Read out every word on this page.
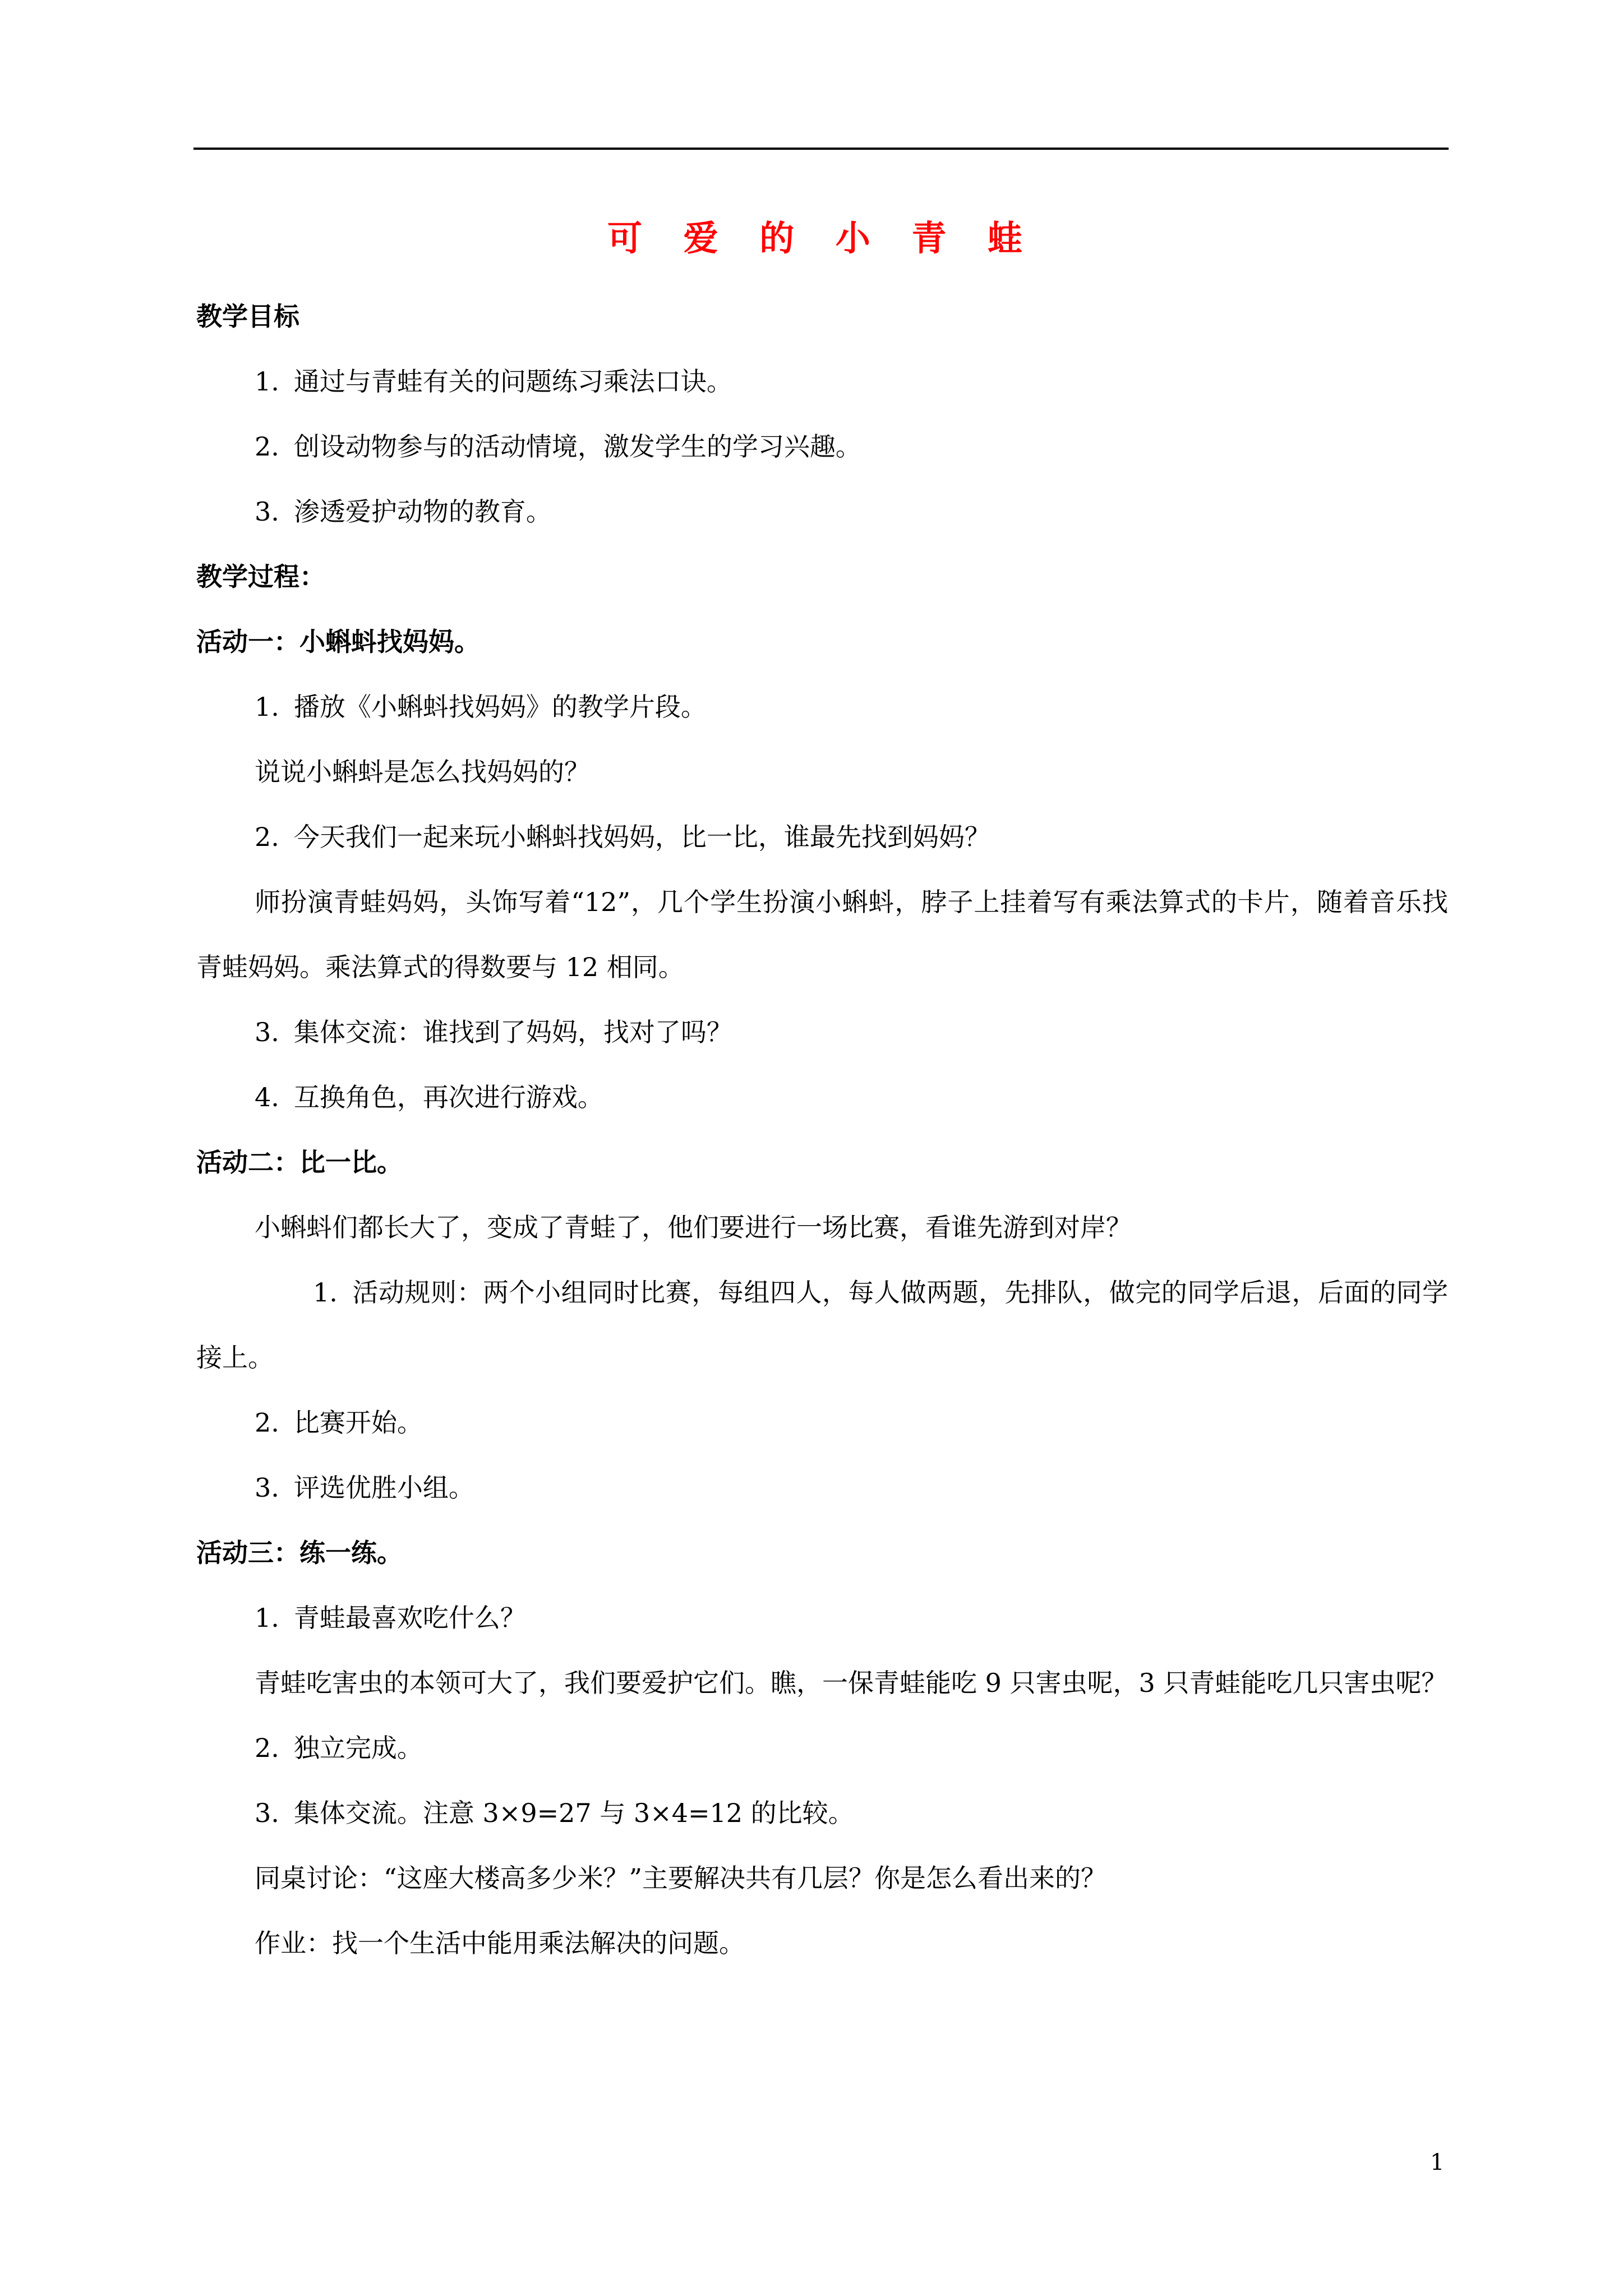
可 爱 的 小 青 蛙

教学目标

1. 通过与青蛙有关的问题练习乘法口诀。

2. 创设动物参与的活动情境，激发学生的学习兴趣。

3. 渗透爱护动物的教育。

教学过程：

活动一：小蝌蚪找妈妈。

1. 播放《小蝌蚪找妈妈》的教学片段。

说说小蝌蚪是怎么找妈妈的？

2. 今天我们一起来玩小蝌蚪找妈妈，比一比，谁最先找到妈妈？

师扮演青蛙妈妈，头饰写着“12”，几个学生扮演小蝌蚪，脖子上挂着写有乘法算式的卡片，随着音乐找青蛙妈妈。乘法算式的得数要与 12 相同。

3. 集体交流：谁找到了妈妈，找对了吗？

4. 互换角色，再次进行游戏。

活动二：比一比。

小蝌蚪们都长大了，变成了青蛙了，他们要进行一场比赛，看谁先游到对岸？

1. 活动规则：两个小组同时比赛，每组四人，每人做两题，先排队，做完的同学后退，后面的同学接上。

2. 比赛开始。

3. 评选优胜小组。

活动三：练一练。

1. 青蛙最喜欢吃什么？

青蛙吃害虫的本领可大了，我们要爱护它们。瞧，一保青蛙能吃 9 只害虫呢，3 只青蛙能吃几只害虫呢？

2. 独立完成。

3. 集体交流。注意 3×9=27 与 3×4=12 的比较。

同桌讨论：“这座大楼高多少米？”主要解决共有几层？你是怎么看出来的？

作业：找一个生活中能用乘法解决的问题。

1
